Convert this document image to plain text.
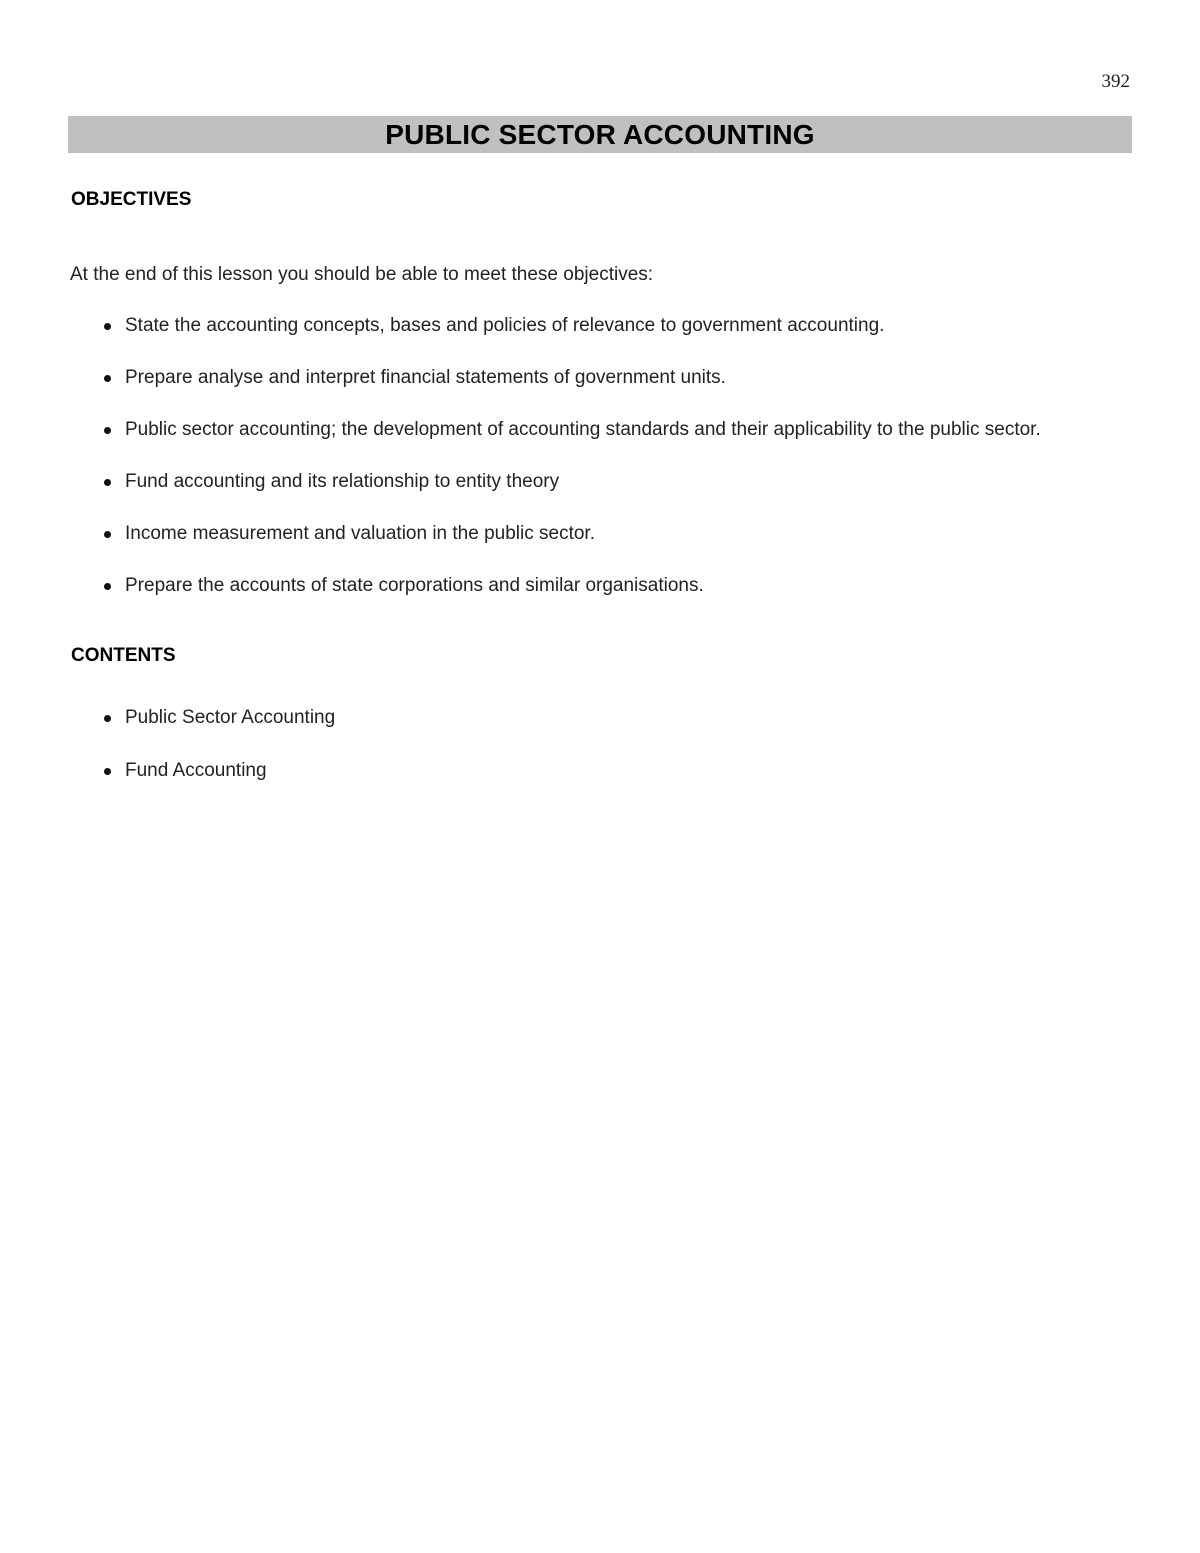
392
PUBLIC SECTOR ACCOUNTING
OBJECTIVES
At the end of this lesson you should be able to meet these objectives:
State the accounting concepts, bases and policies of relevance to government accounting.
Prepare analyse and interpret financial statements of government units.
Public sector accounting; the development of accounting standards and their applicability to the public sector.
Fund accounting and its relationship to entity theory
Income measurement and valuation in the public sector.
Prepare the accounts of state corporations and similar organisations.
CONTENTS
Public Sector Accounting
Fund Accounting
